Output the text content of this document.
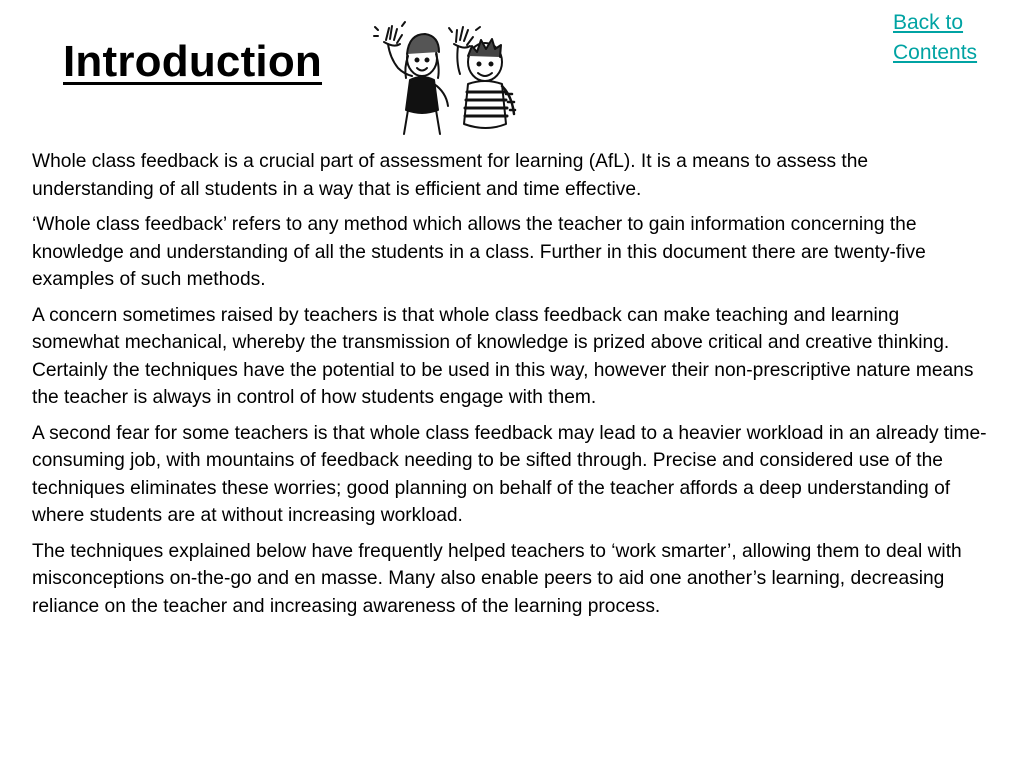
Introduction
Back to
Contents

Whole class feedback is a crucial part of assessment for learning (AfL). It is a means to assess the understanding of all students in a way that is efficient and time effective.

‘Whole class feedback’ refers to any method which allows the teacher to gain information concerning the knowledge and understanding of all the students in a class. Further in this document there are twenty-five examples of such methods.

A concern sometimes raised by teachers is that whole class feedback can make teaching and learning somewhat mechanical, whereby the transmission of knowledge is prized above critical and creative thinking. Certainly the techniques have the potential to be used in this way, however their non-prescriptive nature means the teacher is always in control of how students engage with them.

A second fear for some teachers is that whole class feedback may lead to a heavier workload in an already time-consuming job, with mountains of feedback needing to be sifted through. Precise and considered use of the techniques eliminates these worries; good planning on behalf of the teacher affords a deep understanding of where students are at without increasing workload.

The techniques explained below have frequently helped teachers to ‘work smarter’, allowing them to deal with misconceptions on-the-go and en masse. Many also enable peers to aid one another’s learning, decreasing reliance on the teacher and increasing awareness of the learning process.
